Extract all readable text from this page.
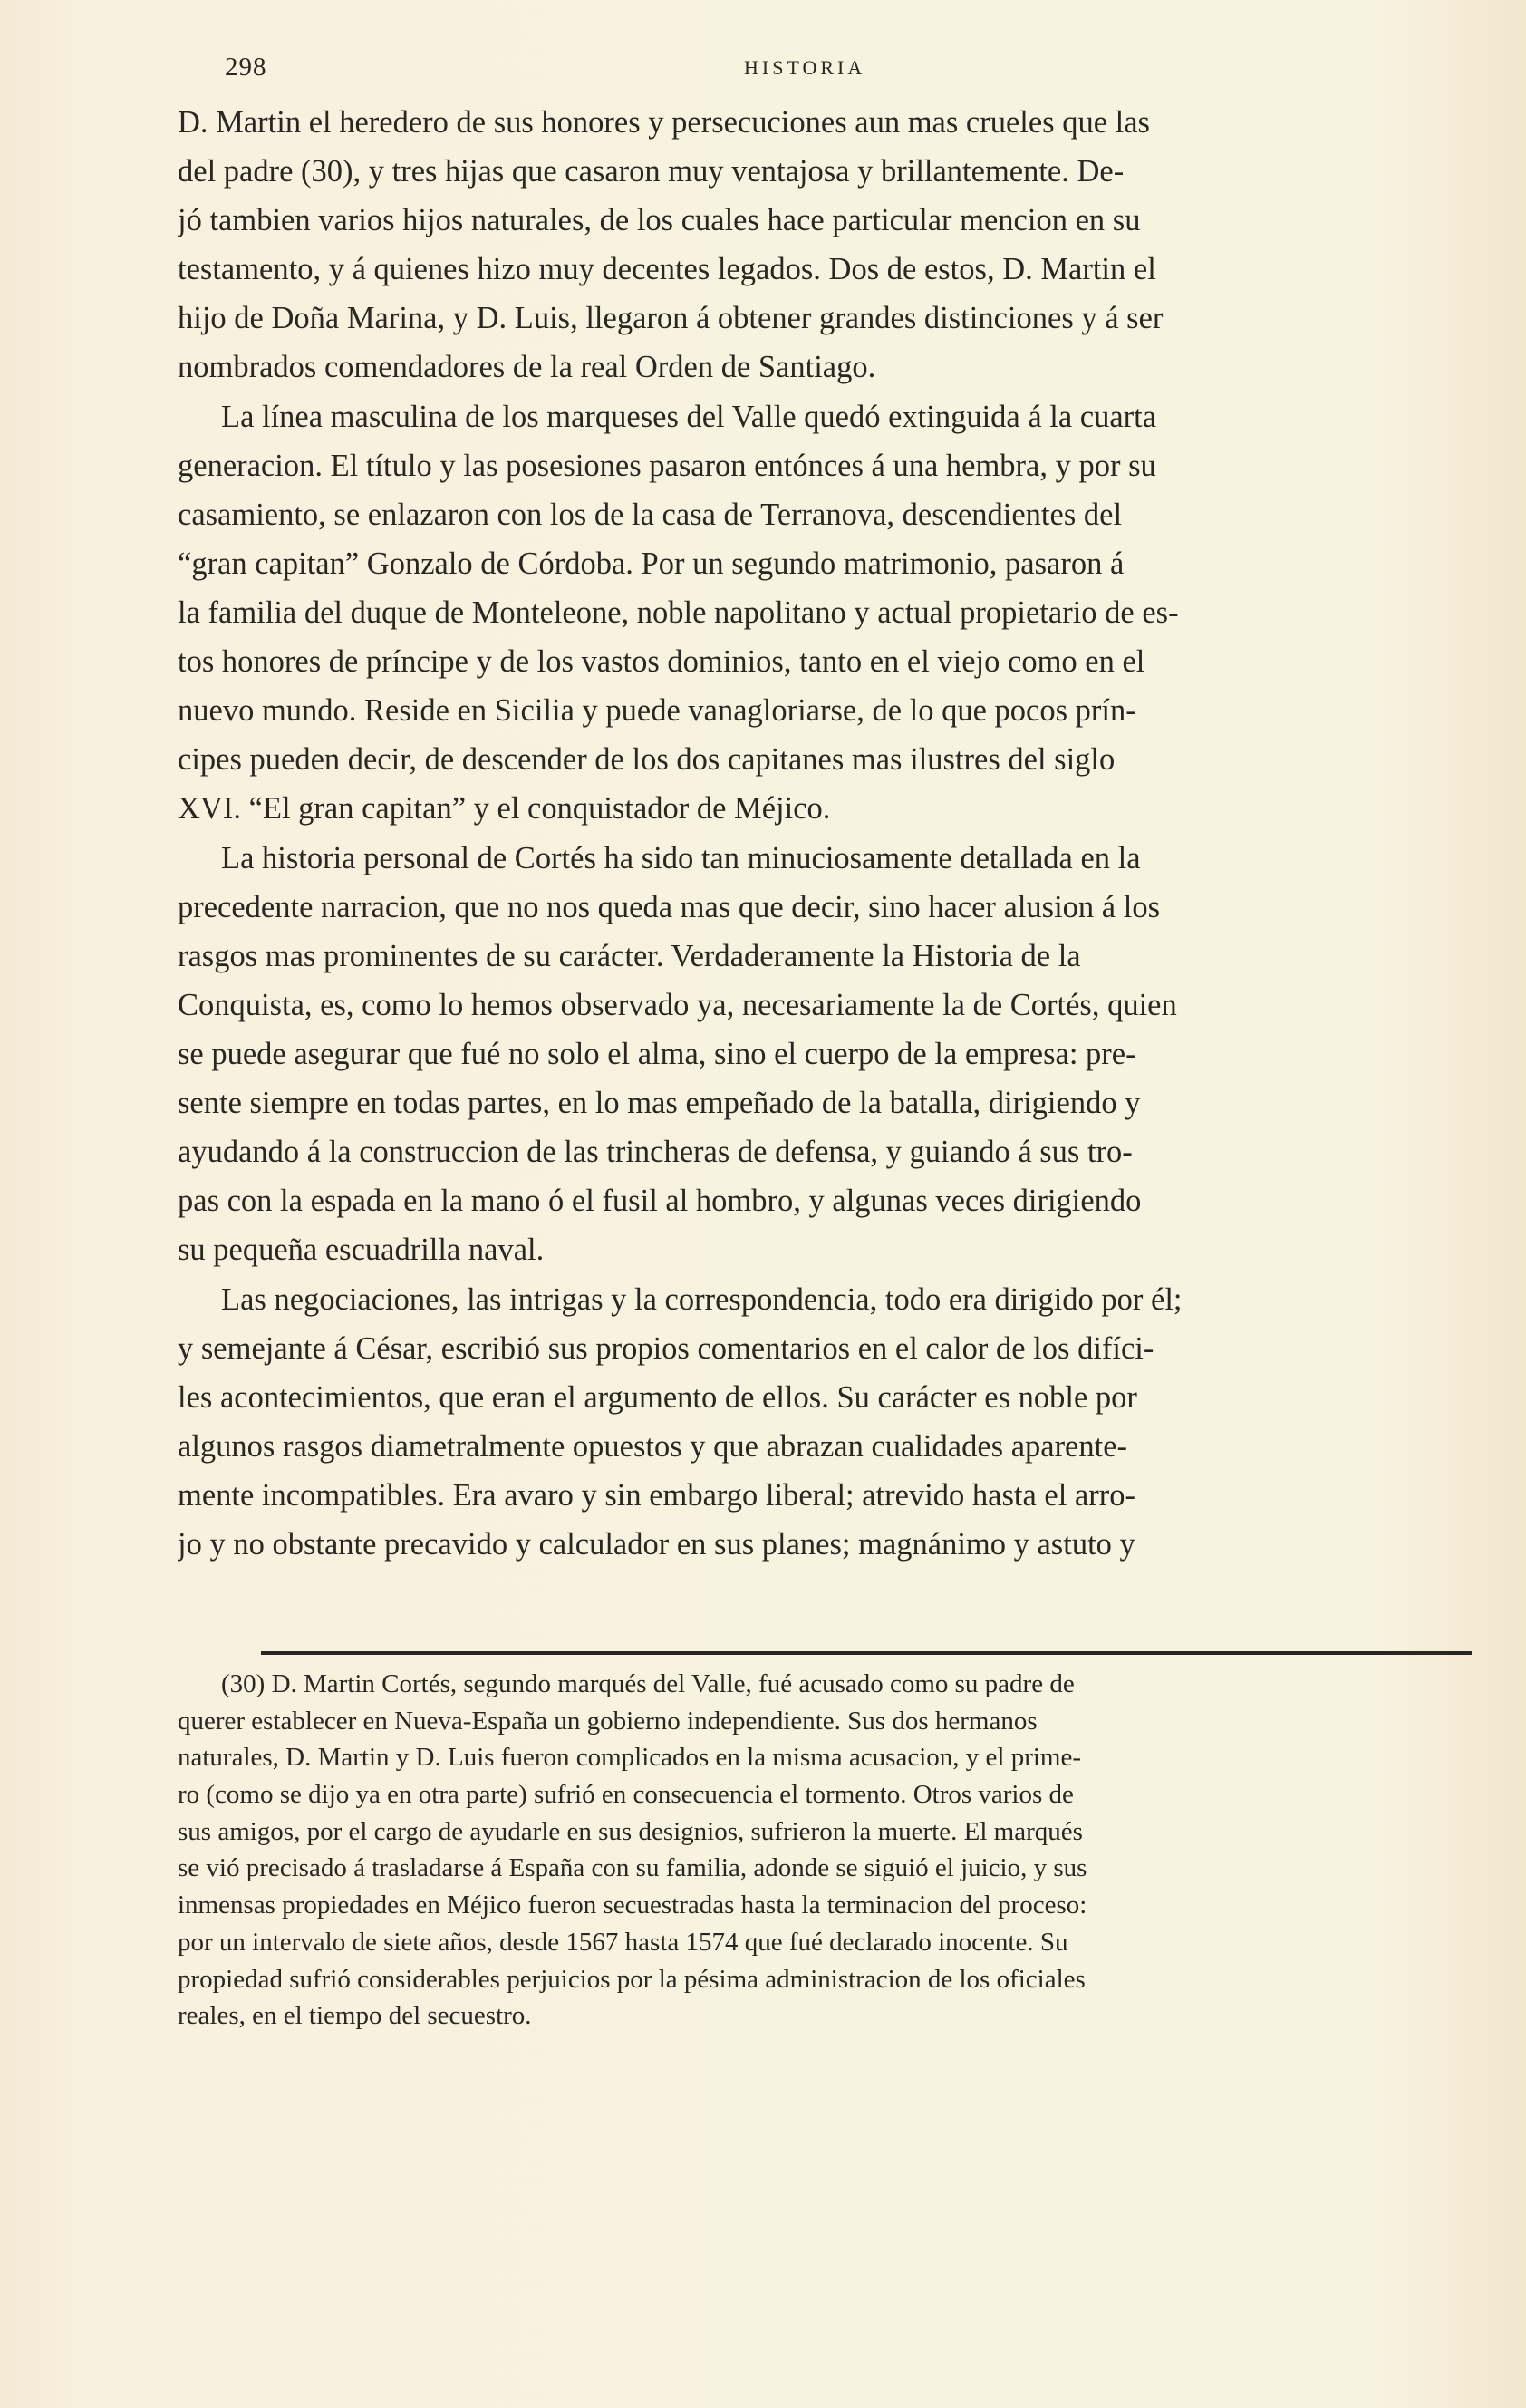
298	HISTORIA
D. Martin el heredero de sus honores y persecuciones aun mas crueles que las
del padre (30), y tres hijas que casaron muy ventajosa y brillantemente. De-
jó tambien varios hijos naturales, de los cuales hace particular mencion en su
testamento, y á quienes hizo muy decentes legados. Dos de estos, D. Martin el
hijo de Doña Marina, y D. Luis, llegaron á obtener grandes distinciones y á ser
nombrados comendadores de la real Orden de Santiago.
La línea masculina de los marqueses del Valle quedó extinguida á la cuarta
generacion. El título y las posesiones pasaron entónces á una hembra, y por su
casamiento, se enlazaron con los de la casa de Terranova, descendientes del
“gran capitan” Gonzalo de Córdoba. Por un segundo matrimonio, pasaron á
la familia del duque de Monteleone, noble napolitano y actual propietario de es-
tos honores de príncipe y de los vastos dominios, tanto en el viejo como en el
nuevo mundo. Reside en Sicilia y puede vanagloriarse, de lo que pocos prín-
cipes pueden decir, de descender de los dos capitanes mas ilustres del siglo
XVI. “El gran capitan” y el conquistador de Méjico.
La historia personal de Cortés ha sido tan minuciosamente detallada en la
precedente narracion, que no nos queda mas que decir, sino hacer alusion á los
rasgos mas prominentes de su carácter. Verdaderamente la Historia de la
Conquista, es, como lo hemos observado ya, necesariamente la de Cortés, quien
se puede asegurar que fué no solo el alma, sino el cuerpo de la empresa: pre-
sente siempre en todas partes, en lo mas empeñado de la batalla, dirigiendo y
ayudando á la construccion de las trincheras de defensa, y guiando á sus tro-
pas con la espada en la mano ó el fusil al hombro, y algunas veces dirigiendo
su pequeña escuadrilla naval.
Las negociaciones, las intrigas y la correspondencia, todo era dirigido por él;
y semejante á César, escribió sus propios comentarios en el calor de los difíci-
les acontecimientos, que eran el argumento de ellos. Su carácter es noble por
algunos rasgos diametralmente opuestos y que abrazan cualidades aparente-
mente incompatibles. Era avaro y sin embargo liberal; atrevido hasta el arro-
jo y no obstante precavido y calculador en sus planes; magnánimo y astuto y
(30) D. Martin Cortés, segundo marqués del Valle, fué acusado como su padre de
querer establecer en Nueva-España un gobierno independiente. Sus dos hermanos
naturales, D. Martin y D. Luis fueron complicados en la misma acusacion, y el prime-
ro (como se dijo ya en otra parte) sufrió en consecuencia el tormento. Otros varios de
sus amigos, por el cargo de ayudarle en sus designios, sufrieron la muerte. El marqués
se vió precisado á trasladarse á España con su familia, adonde se siguió el juicio, y sus
inmensas propiedades en Méjico fueron secuestradas hasta la terminacion del proceso:
por un intervalo de siete años, desde 1567 hasta 1574 que fué declarado inocente. Su
propiedad sufrió considerables perjuicios por la pésima administracion de los oficiales
reales, en el tiempo del secuestro.
